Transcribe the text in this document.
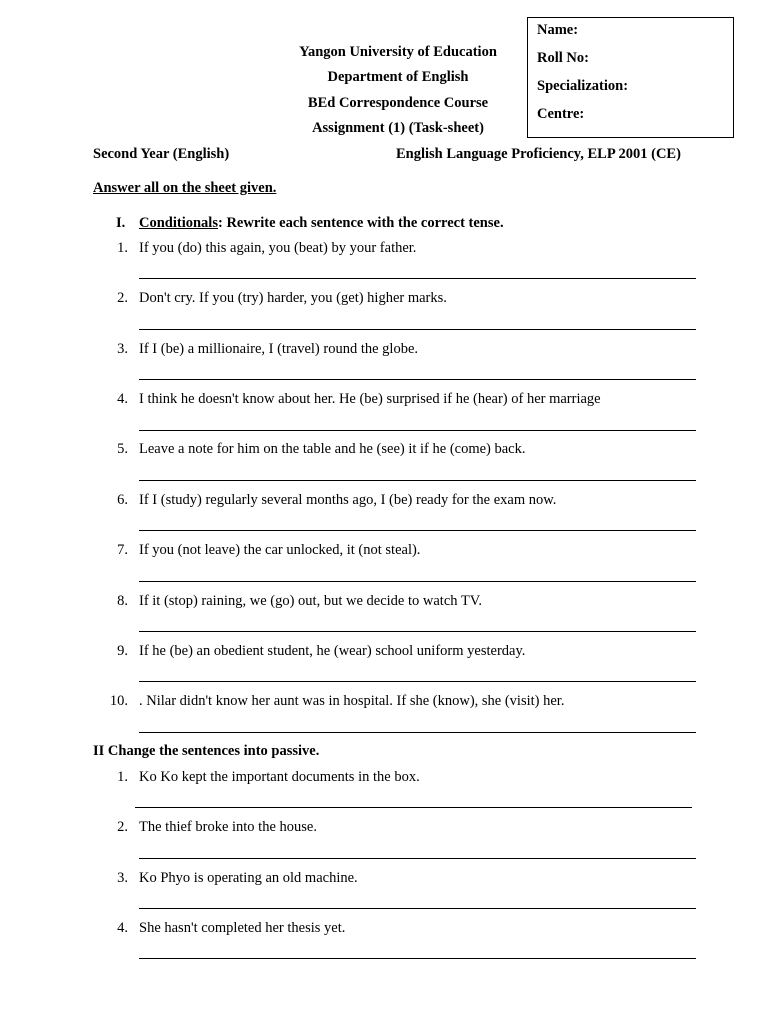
Yangon University of Education
Department of English
BEd Correspondence Course
Assignment (1) (Task-sheet)
Name:
Roll No:
Specialization:
Centre:
Second Year (English)	English Language Proficiency, ELP 2001 (CE)
Answer all on the sheet given.
I. Conditionals: Rewrite each sentence with the correct tense.
1. If you (do) this again, you (beat) by your father.
2. Don't cry. If you (try) harder, you (get) higher marks.
3. If I (be) a millionaire, I (travel) round the globe.
4. I think he doesn't know about her. He (be) surprised if he (hear) of her marriage
5. Leave a note for him on the table and he (see) it if he (come) back.
6. If I (study) regularly several months ago, I (be) ready for the exam now.
7. If you (not leave) the car unlocked, it (not steal).
8. If it (stop) raining, we (go) out, but we decide to watch TV.
9. If he (be) an obedient student, he (wear) school uniform yesterday.
10. . Nilar didn't know her aunt was in hospital. If she (know), she (visit) her.
II Change the sentences into passive.
1. Ko Ko kept the important documents in the box.
2. The thief broke into the house.
3. Ko Phyo is operating an old machine.
4. She hasn't completed her thesis yet.
